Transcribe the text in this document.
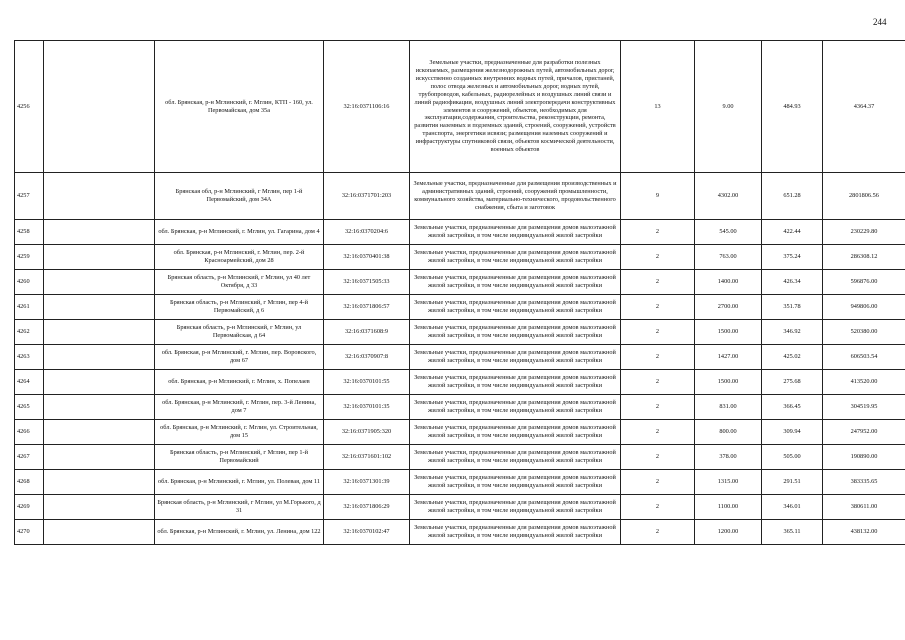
244
4256		обл. Брянская, р-н Мглинский, г. Мглин, КТП - 160, ул. Первомайская, дом 35а	32:16:0371106:16	Земельные участки, предназначенные для разработки полезных ископаемых, размещения железнодорожных путей, автомобильных дорог, искусственно созданных внутренних водных путей, причалов, пристаней, полос отвода железных и автомобильных дорог, водных путей, трубопроводов, кабельных, радиорелейных и воздушных линий связи и линий радиофикации, воздушных линий электропередачи конструктивных элементов и сооружений, объектов, необходимых для эксплуатации,содержания, строительства, реконструкции, ремонта, развития наземных и подземных зданий, строений, сооружений, устройств транспорта, энергетики исвязи; размещения наземных сооружений и инфраструктуры спутниковой связи, объектов космической деятельности, военных объектов	13	9.00	484.93	4364.37	
4257		Брянская обл, р-н Мглинский, г Мглин, пер 1-й Первомайский, дом 34А	32:16:0371701:203	Земельные участки, предназначенные для размещения производственных и административных зданий, строений, сооружений промышленности, коммунального хозяйства, материально-технического, продовольственного снабжения, сбыта и заготовок	9	4302.00	651.28	2801806.56	
4258		обл. Брянская, р-н Мглинский, г. Мглин, ул. Гагарина, дом 4	32:16:0370204:6	Земельные участки, предназначенные для размещения домов малоэтажной жилой застройки, в том числе индивидуальной жилой застройки	2	545.00	422.44	230229.80	
4259		обл. Брянская, р-н Мглинский, г. Мглин, пер. 2-й Красноармейский, дом 28	32:16:0370401:38	Земельные участки, предназначенные для размещения домов малоэтажной жилой застройки, в том числе индивидуальной жилой застройки	2	763.00	375.24	286308.12	
4260		Брянская область, р-н Мглинский, г Мглин, ул 40 лет Октября, д 33	32:16:0371505:33	Земельные участки, предназначенные для размещения домов малоэтажной жилой застройки, в том числе индивидуальной жилой застройки	2	1400.00	426.34	596876.00	
4261		Брянская область, р-н Мглинский, г Мглин, пер 4-й Первомайский, д 6	32:16:0371806:57	Земельные участки, предназначенные для размещения домов малоэтажной жилой застройки, в том числе индивидуальной жилой застройки	2	2700.00	351.78	949806.00	
4262		Брянская область, р-н Мглинский, г Мглин, ул Первомайская, д 64	32:16:0371608:9	Земельные участки, предназначенные для размещения домов малоэтажной жилой застройки, в том числе индивидуальной жилой застройки	2	1500.00	346.92	520380.00	
4263		обл. Брянская, р-н Мглинский, г. Мглин, пер. Воровского, дом 67	32:16:0370907:8	Земельные участки, предназначенные для размещения домов малоэтажной жилой застройки, в том числе индивидуальной жилой застройки	2	1427.00	425.02	606503.54	
4264		обл. Брянская, р-н Мглинский, г. Мглин, х. Попелаев	32:16:0370101:55	Земельные участки, предназначенные для размещения домов малоэтажной жилой застройки, в том числе индивидуальной жилой застройки	2	1500.00	275.68	413520.00	
4265		обл. Брянская, р-н Мглинский, г. Мглин, пер. 3-й Ленина, дом 7	32:16:0370101:35	Земельные участки, предназначенные для размещения домов малоэтажной жилой застройки, в том числе индивидуальной жилой застройки	2	831.00	366.45	304519.95	
4266		обл. Брянская, р-н Мглинский, г. Мглин, ул. Строительная, дом 15	32:16:0371905:320	Земельные участки, предназначенные для размещения домов малоэтажной жилой застройки, в том числе индивидуальной жилой застройки	2	800.00	309.94	247952.00	
4267		Брянская область, р-н Мглинский, г Мглин, пер 1-й Первомайский	32:16:0371601:102	Земельные участки, предназначенные для размещения домов малоэтажной жилой застройки, в том числе индивидуальной жилой застройки	2	378.00	505.00	190890.00	
4268		обл. Брянская, р-н Мглинский, г. Мглин, ул. Полевая, дом 11	32:16:0371301:39	Земельные участки, предназначенные для размещения домов малоэтажной жилой застройки, в том числе индивидуальной жилой застройки	2	1315.00	291.51	383335.65	
4269		Брянская область, р-н Мглинский, г Мглин, ул М.Горького, д 31	32:16:0371806:29	Земельные участки, предназначенные для размещения домов малоэтажной жилой застройки, в том числе индивидуальной жилой застройки	2	1100.00	346.01	380611.00	
4270		обл. Брянская, р-н Мглинский, г. Мглин, ул. Ленина, дом 122	32:16:0370102:47	Земельные участки, предназначенные для размещения домов малоэтажной жилой застройки, в том числе индивидуальной жилой застройки	2	1200.00	365.11	438132.00	
